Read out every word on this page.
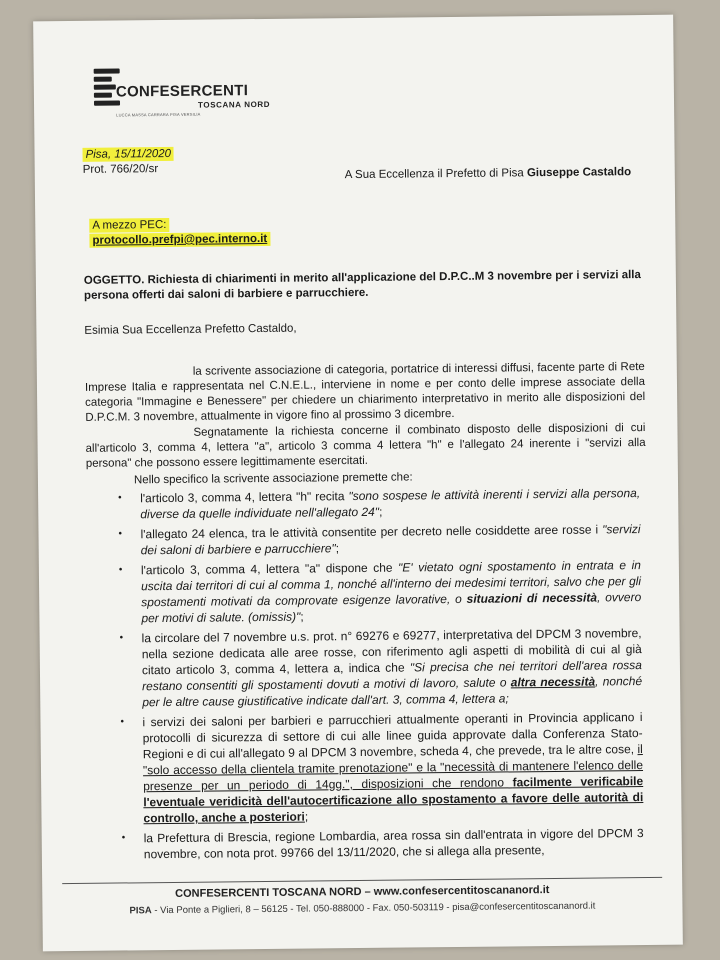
CONFESERCENTI
TOSCANA NORD
LUCCA MASSA CARRARA PISA VERSILIA
Pisa, 15/11/2020
Prot. 766/20/sr	A Sua Eccellenza il Prefetto di Pisa Giuseppe Castaldo
A mezzo PEC:
protocollo.prefpi@pec.interno.it
OGGETTO. Richiesta di chiarimenti in merito all'applicazione del D.P.C..M 3 novembre per i servizi alla persona offerti dai saloni di barbiere e parrucchiere.
Esimia Sua Eccellenza Prefetto Castaldo,
la scrivente associazione di categoria, portatrice di interessi diffusi, facente parte di Rete Imprese Italia e rappresentata nel C.N.E.L., interviene in nome e per conto delle imprese associate della categoria "Immagine e Benessere" per chiedere un chiarimento interpretativo in merito alle disposizioni del D.P.C.M. 3 novembre, attualmente in vigore fino al prossimo 3 dicembre.
Segnatamente la richiesta concerne il combinato disposto delle disposizioni di cui all'articolo 3, comma 4, lettera "a", articolo 3 comma 4 lettera "h" e l'allegato 24 inerente i "servizi alla persona" che possono essere legittimamente esercitati.
Nello specifico la scrivente associazione premette che:
• l'articolo 3, comma 4, lettera "h" recita "sono sospese le attività inerenti i servizi alla persona, diverse da quelle individuate nell'allegato 24";
• l'allegato 24 elenca, tra le attività consentite per decreto nelle cosiddette aree rosse i "servizi dei saloni di barbiere e parrucchiere";
• l'articolo 3, comma 4, lettera "a" dispone che "E' vietato ogni spostamento in entrata e in uscita dai territori di cui al comma 1, nonché all'interno dei medesimi territori, salvo che per gli spostamenti motivati da comprovate esigenze lavorative, o situazioni di necessità, ovvero per motivi di salute. (omissis)";
• la circolare del 7 novembre u.s. prot. n° 69276 e 69277, interpretativa del DPCM 3 novembre, nella sezione dedicata alle aree rosse, con riferimento agli aspetti di mobilità di cui al già citato articolo 3, comma 4, lettera a, indica che "Si precisa che nei territori dell'area rossa restano consentiti gli spostamenti dovuti a motivi di lavoro, salute o altra necessità, nonché per le altre cause giustificative indicate dall'art. 3, comma 4, lettera a;
• i servizi dei saloni per barbieri e parrucchieri attualmente operanti in Provincia applicano i protocolli di sicurezza di settore di cui alle linee guida approvate dalla Conferenza Stato-Regioni e di cui all'allegato 9 al DPCM 3 novembre, scheda 4, che prevede, tra le altre cose, il "solo accesso della clientela tramite prenotazione" e la "necessità di mantenere l'elenco delle presenze per un periodo di 14gg.", disposizioni che rendono facilmente verificabile l'eventuale veridicità dell'autocertificazione allo spostamento a favore delle autorità di controllo, anche a posteriori;
• la Prefettura di Brescia, regione Lombardia, area rossa sin dall'entrata in vigore del DPCM 3 novembre, con nota prot. 99766 del 13/11/2020, che si allega alla presente,
CONFESERCENTI TOSCANA NORD – www.confesercentitoscananord.it
PISA - Via Ponte a Piglieri, 8 – 56125 - Tel. 050-888000 - Fax. 050-503119 - pisa@confesercentitoscananord.it
